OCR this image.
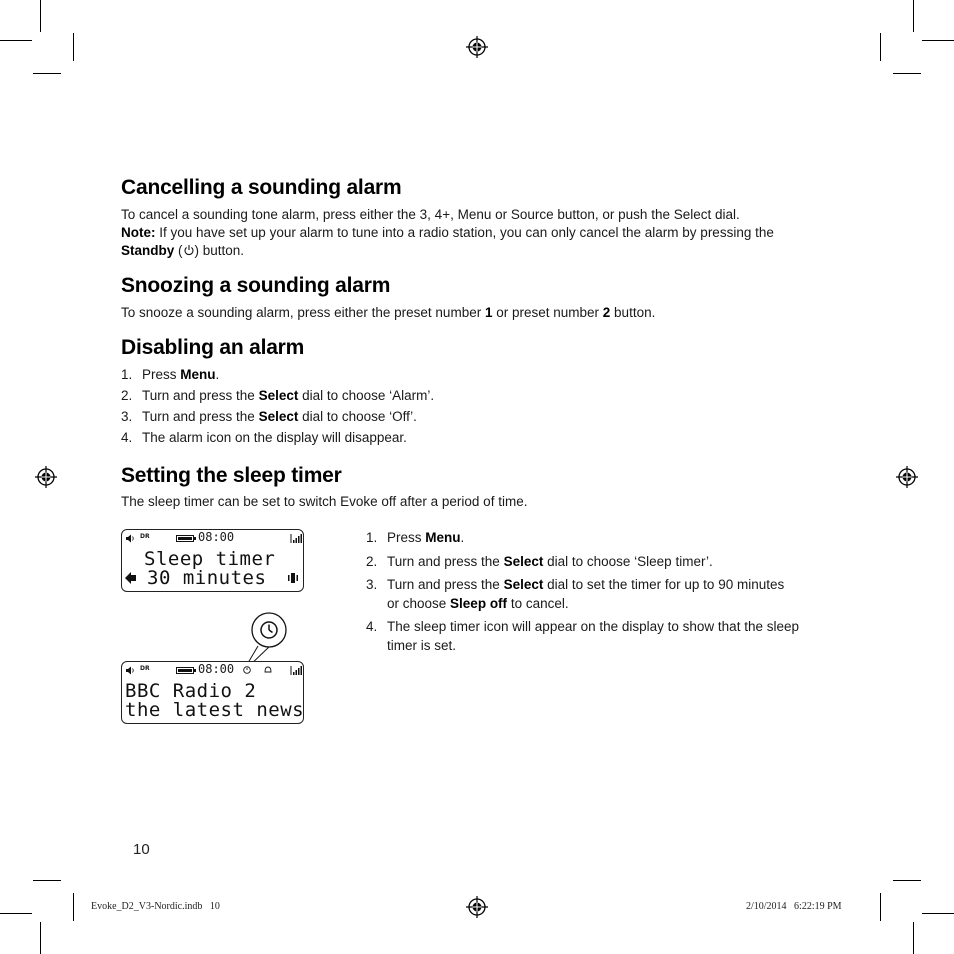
Cancelling a sounding alarm

To cancel a sounding tone alarm, press either the 3, 4+, Menu or Source button, or push the Select dial.

Note: If you have set up your alarm to tune into a radio station, you can only cancel the alarm by pressing the

Standby ( ) button.

Snoozing a sounding alarm

To snooze a sounding alarm, press either the preset number 1 or preset number 2 button.

Disabling an alarm
1. Press Menu.
2. Turn and press the Select dial to choose ‘Alarm’.
3. Turn and press the Select dial to choose ‘Off’.
4. The alarm icon on the display will disappear.
Setting the sleep timer

The sleep timer can be set to switch Evoke off after a period of time.

1. Press Menu.
2. Turn and press the Select dial to choose ‘Sleep timer’.
3. Turn and press the Select dial to set the timer for up to 90 minutes
or choose Sleep off to cancel.
4. The sleep timer icon will appear on the display to show that the sleep
timer is set.
DR	08:00
Sleep timer
30 minutes
DR	08:00
BBC Radio 2
the latest news
10
Evoke_D2_V3-Nordic.indb   10	2/10/2014   6:22:19 PM
